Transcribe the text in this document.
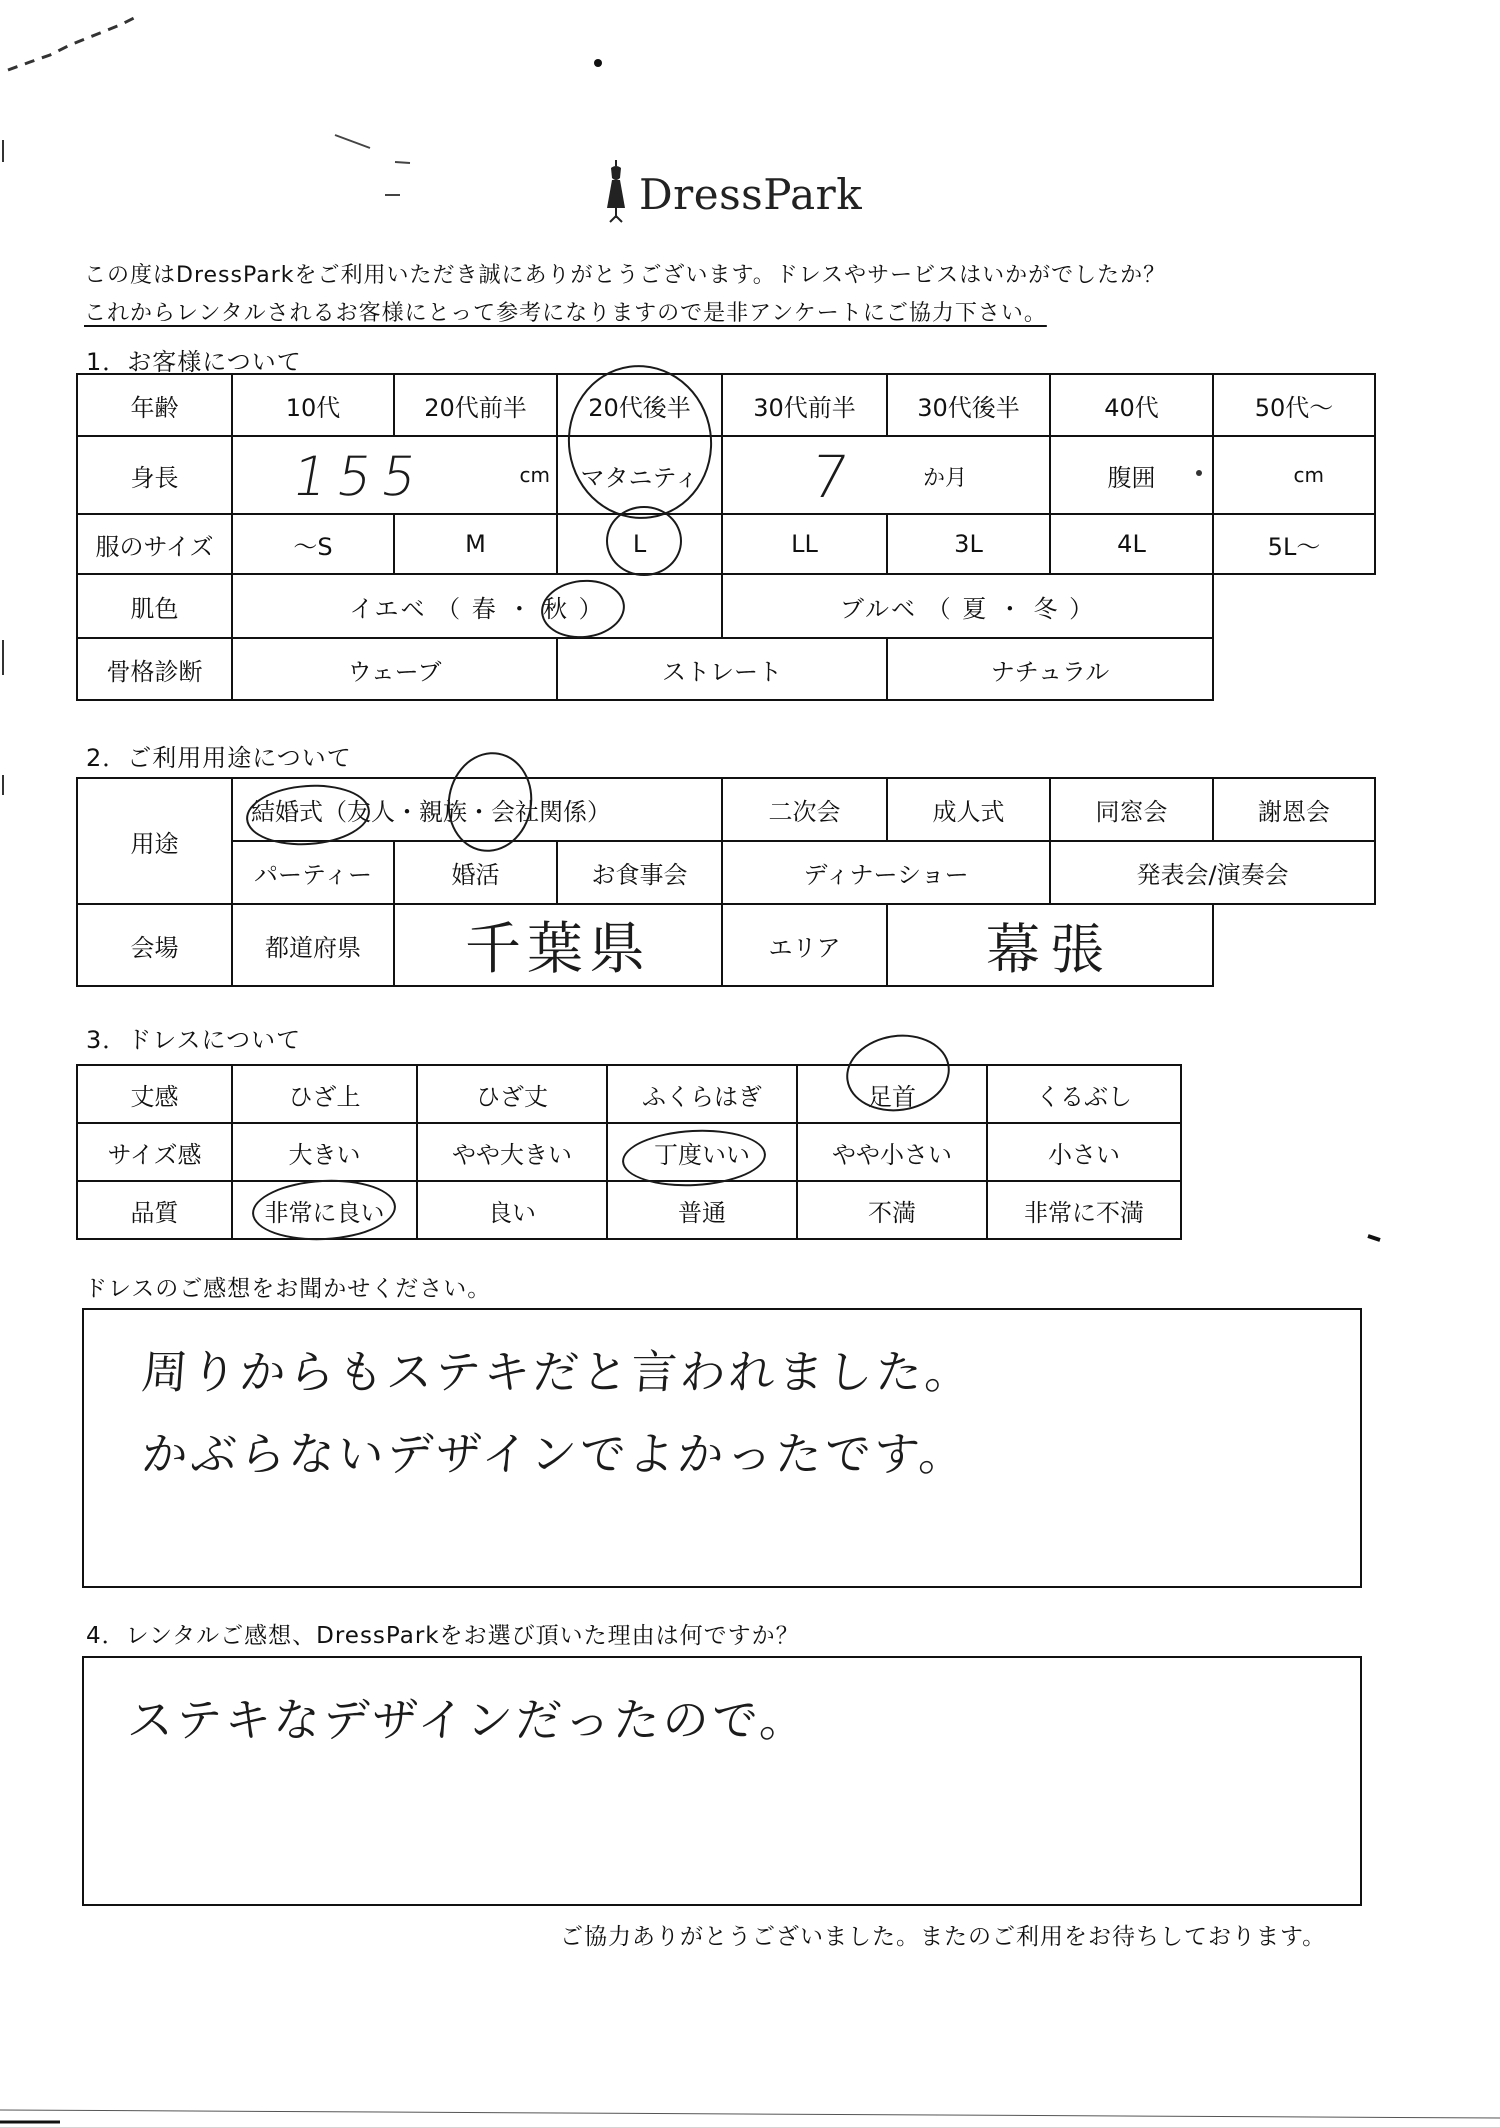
DressPark
この度はDressParkをご利用いただき誠にありがとうございます。ドレスやサービスはいかがでしたか？
これからレンタルされるお客様にとって参考になりますので是非アンケートにご協力下さい。
1．お客様について
年齢	10代	20代前半	20代後半	30代前半	30代後半	40代	50代～
身長	155 cm		マタニティ	7 か月		腹囲	cm

服のサイズ	～S	M	L	LL	3L	4L	5L～
肌色	イエベ （ 春 ・ 秋 ）			ブルベ （ 夏 ・ 冬 ）			
骨格診断	ウェーブ		ストレート		ナチュラル		
2．ご利用用途について
用途	結婚式（友人・親族・会社関係）			二次会	成人式	同窓会	謝恩会
	パーティー	婚活	お食事会	ディナーショー		発表会/演奏会	
会場	都道府県	千葉県		エリア	幕張		
3．ドレスについて
丈感	ひざ上	ひざ丈	ふくらはぎ	足首	くるぶし
サイズ感	大きい	やや大きい	丁度いい	やや小さい	小さい
品質	非常に良い	良い	普通	不満	非常に不満
ドレスのご感想をお聞かせください。
周りからもステキだと言われました。
かぶらないデザインでよかったです。
4．レンタルご感想、DressParkをお選び頂いた理由は何ですか？
ステキなデザインだったので。
ご協力ありがとうございました。またのご利用をお待ちしております。
